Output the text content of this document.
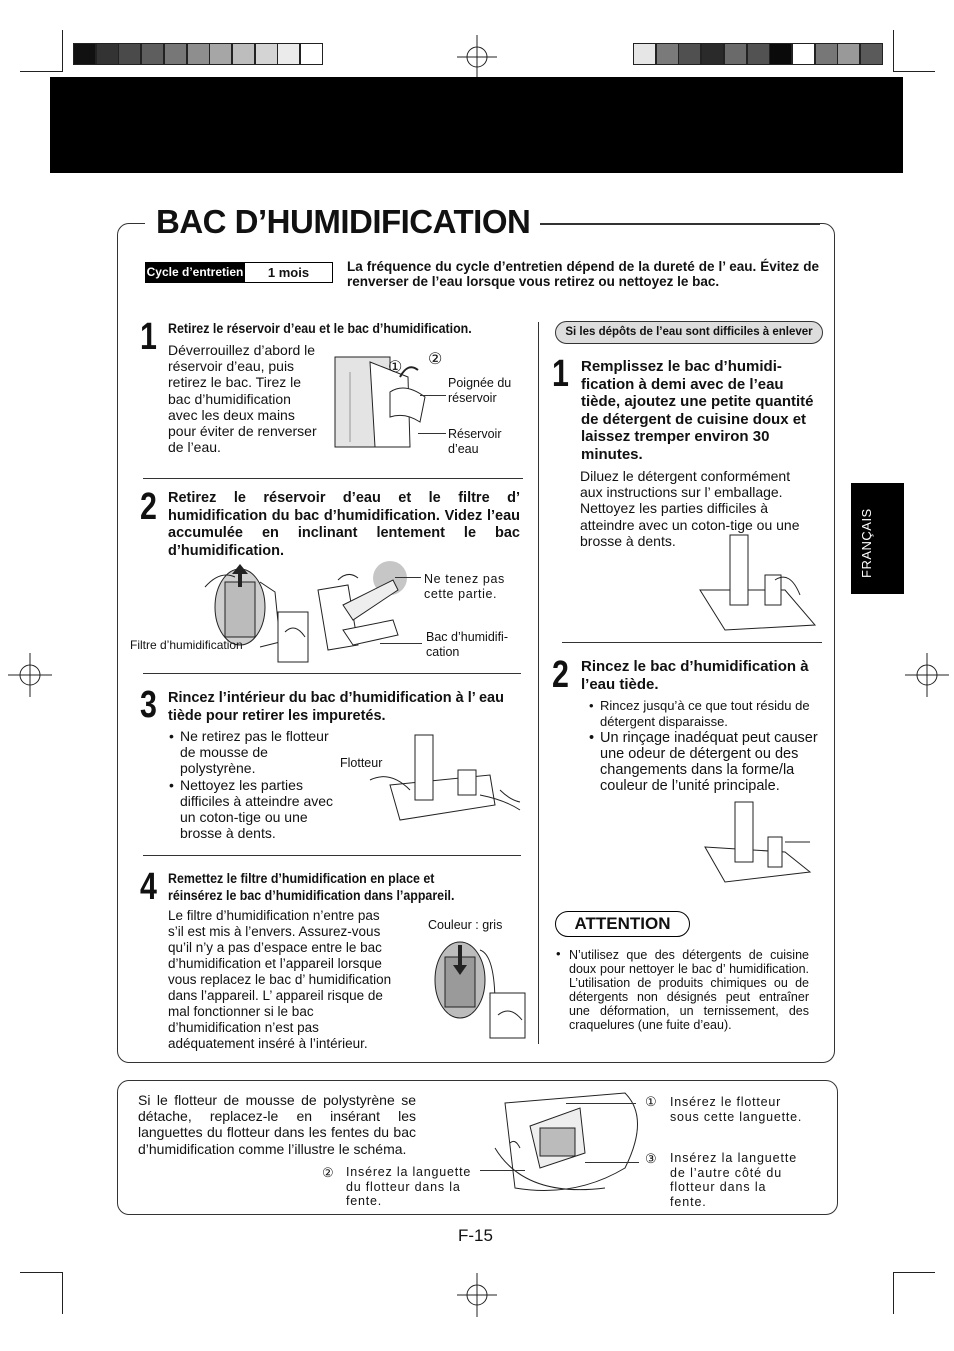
FRANÇAIS
BAC D’HUMIDIFICATION
Cycle d’entretien	1 mois	La fréquence du cycle d’entretien dépend de la dureté de l’ eau. Évitez de renverser de l’eau lorsque vous retirez ou nettoyez le bac.
1 Retirez le réservoir d’eau et le bac d’humidification.
Déverrouillez d’abord le réservoir d’eau, puis retirez le bac. Tirez le bac d’humidification avec les deux mains pour éviter de renverser de l’eau.
① ②
Poignée du réservoir
Réservoir d’eau
2 Retirez le réservoir d’eau et le filtre d’ humidification du bac d’humidification. Videz l’eau accumulée en inclinant lentement le bac d’humidification.
Ne tenez pas cette partie.
Bac d’humidification
Filtre d’humidification
3 Rincez l’intérieur du bac d’humidification à l’ eau tiède pour retirer les impuretés.
• Ne retirez pas le flotteur de mousse de polystyrène.
• Nettoyez les parties difficiles à atteindre avec un coton-tige ou une brosse à dents.
Flotteur
4 Remettez le filtre d’humidification en place et réinsérez le bac d’humidification dans l’appareil.
Le filtre d’humidification n’entre pas s’il est mis à l’envers. Assurez-vous qu’il n’y a pas d’espace entre le bac d’humidification et l’appareil lorsque vous replacez le bac d’ humidification dans l’appareil. L’ appareil risque de mal fonctionner si le bac d’humidification n’est pas adéquatement inséré à l’intérieur.
Couleur : gris
Si les dépôts de l’eau sont difficiles à enlever
1 Remplissez le bac d’humidification à demi avec de l’eau tiède, ajoutez une petite quantité de détergent de cuisine doux et laissez tremper environ 30 minutes.
Diluez le détergent conformément aux instructions sur l’ emballage. Nettoyez les parties difficiles à atteindre avec un coton-tige ou une brosse à dents.
2 Rincez le bac d’humidification à l’eau tiède.
• Rincez jusqu’à ce que tout résidu de détergent disparaisse.
• Un rinçage inadéquat peut causer une odeur de détergent ou des changements dans la forme/la couleur de l’unité principale.
ATTENTION
• N’utilisez que des détergents de cuisine doux pour nettoyer le bac d’ humidification. L’utilisation de produits chimiques ou de détergents non désignés peut entraîner une déformation, un ternissement, des craquelures (une fuite d’eau).
Si le flotteur de mousse de polystyrène se détache, replacez-le en insérant les languettes du flotteur dans les fentes du bac d’humidification comme l’illustre le schéma.
① Insérez le flotteur sous cette languette.
③ Insérez la languette de l’autre côté du flotteur dans la fente.
② Insérez la languette du flotteur dans la fente.
F-15
